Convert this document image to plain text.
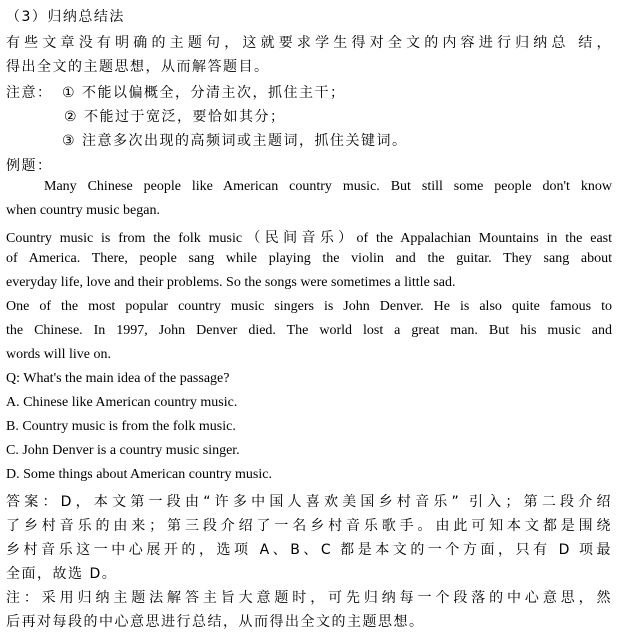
（3）归纳总结法

有些文章没有明确的主题句，这就要求学生得对全文的内容进行归纳总 结，

得出全文的主题思想，从而解答题目。

注意： ① 不能以偏概全，分清主次，抓住主干；

② 不能过于宽泛，要恰如其分；

③ 注意多次出现的高频词或主题词，抓住关键词。

例题：

Many Chinese people like American country music. But still some people don't know

when country music began.

Country music is from the folk music（民间音乐）of the Appalachian Mountains in the east

of America. There, people sang while playing the violin and the guitar. They sang about

everyday life, love and their problems. So the songs were sometimes a little sad.

One of the most popular country music singers is John Denver. He is also quite famous to

the Chinese. In 1997, John Denver died. The world lost a great man. But his music and

words will live on.

Q: What's the main idea of the passage?

A. Chinese like American country music.

B. Country music is from the folk music.

C. John Denver is a country music singer.

D. Some things about American country music.

答案：D，本文第一段由“许多中国人喜欢美国乡村音乐” 引入；第二段介绍

了乡村音乐的由来；第三段介绍了一名乡村音乐歌手。由此可知本文都是围绕

乡村音乐这一中心展开的，选项 A、B、C 都是本文的一个方面，只有 D 项最

全面，故选 D。

注：采用归纳主题法解答主旨大意题时，可先归纳每一个段落的中心意思，然

后再对每段的中心意思进行总结，从而得出全文的主题思想。
